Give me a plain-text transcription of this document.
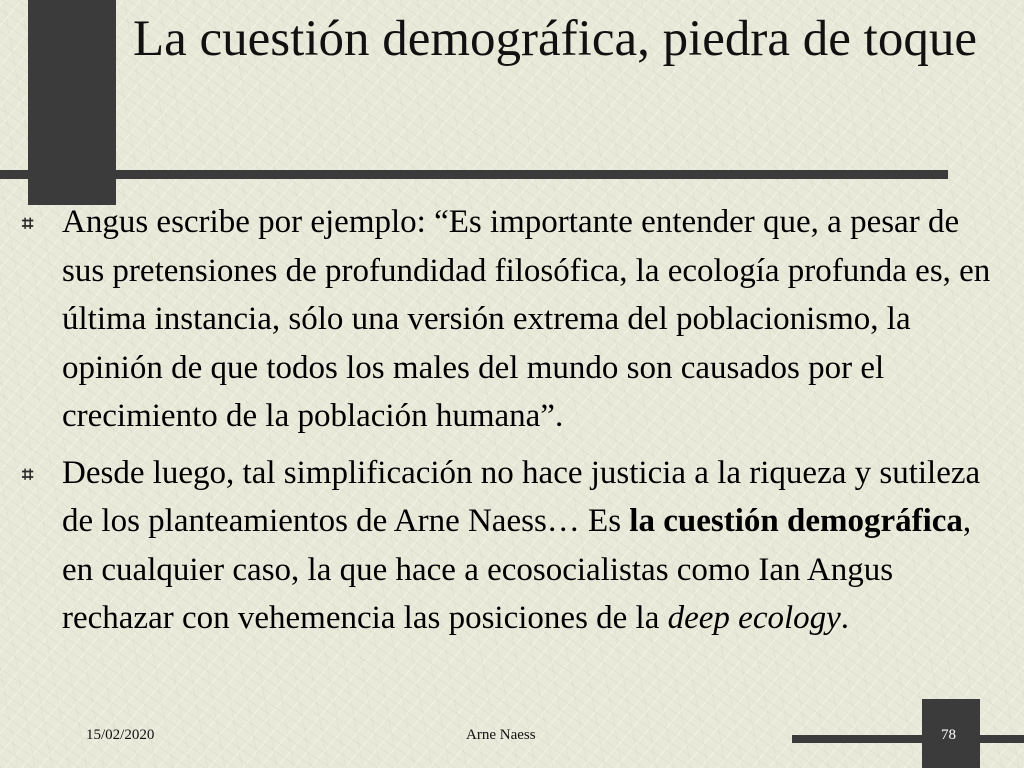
La cuestión demográfica, piedra de toque
⌗ Angus escribe por ejemplo: “Es importante entender que, a pesar de sus pretensiones de profundidad filosófica, la ecología profunda es, en última instancia, sólo una versión extrema del poblacionismo, la opinión de que todos los males del mundo son causados por el crecimiento de la población humana”.
⌗ Desde luego, tal simplificación no hace justicia a la riqueza y sutileza de los planteamientos de Arne Naess… Es la cuestión demográfica, en cualquier caso, la que hace a ecosocialistas como Ian Angus rechazar con vehemencia las posiciones de la deep ecology.
15/02/2020	Arne Naess	78
